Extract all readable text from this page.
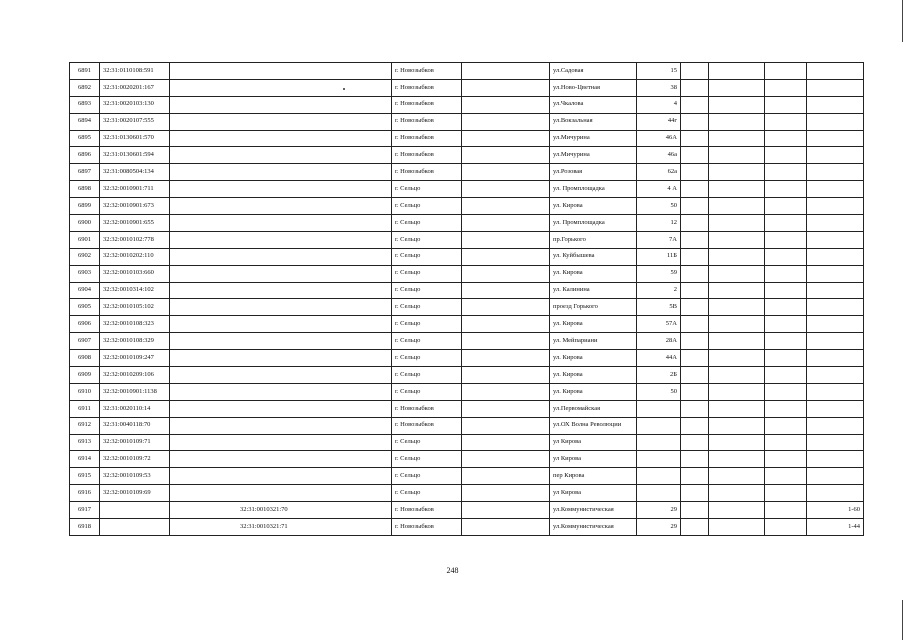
6891	32:31:0110108:591		г. Новозыбков		ул.Садовая	15				
6892	32:31:0020201:167		г. Новозыбков		ул.Ново-Цветная	38				
6893	32:31:0020103:130		г. Новозыбков		ул.Чкалова	4				
6894	32:31:0020107:555		г. Новозыбков		ул.Вокзальная	44г				
6895	32:31:0130601:570		г. Новозыбков		ул.Мичурина	46А				
6896	32:31:0130601:594		г. Новозыбков		ул.Мичурина	46а				
6897	32:31:0080504:134		г. Новозыбков		ул.Розовая	62а				
6898	32:32:0010901:711		г. Сельцо		ул. Промплощадка	4 А				
6899	32:32:0010901:673		г. Сельцо		ул. Кирова	50				
6900	32:32:0010901:655		г. Сельцо		ул. Промплощадка	12				
6901	32:32:0010102:778		г. Сельцо		пр.Горького	7А				
6902	32:32:0010202:110		г. Сельцо		ул. Куйбышева	11Б				
6903	32:32:0010103:660		г. Сельцо		ул. Кирова	59				
6904	32:32:0010314:102		г. Сельцо		ул. Калинина	2				
6905	32:32:0010105:102		г. Сельцо		проезд Горького	5В				
6906	32:32:0010108:323		г. Сельцо		ул. Кирова	57А				
6907	32:32:0010108:329		г. Сельцо		ул. Мейпариани	28А				
6908	32:32:0010109:247		г. Сельцо		ул. Кирова	44А				
6909	32:32:0010209:106		г. Сельцо		ул. Кирова	2Б				
6910	32:32:0010901:1138		г. Сельцо		ул. Кирова	50				
6911	32:31:0020110:14		г. Новозыбков		ул.Первомайская					
6912	32:31:0040118:70		г. Новозыбков		ул.ОХ Волна Революции					
6913	32:32:0010109:71		г. Сельцо		ул Кирова					
6914	32:32:0010109:72		г. Сельцо		ул Кирова					
6915	32:32:0010109:53		г. Сельцо		пер Кирова					
6916	32:32:0010109:69		г. Сельцо		ул Кирова					
6917		32:31:0010321:70	г. Новозыбков		ул.Коммунистическая	29				1-60
6918		32:31:0010321:71	г. Новозыбков		ул.Коммунистическая	29				1-44
248
